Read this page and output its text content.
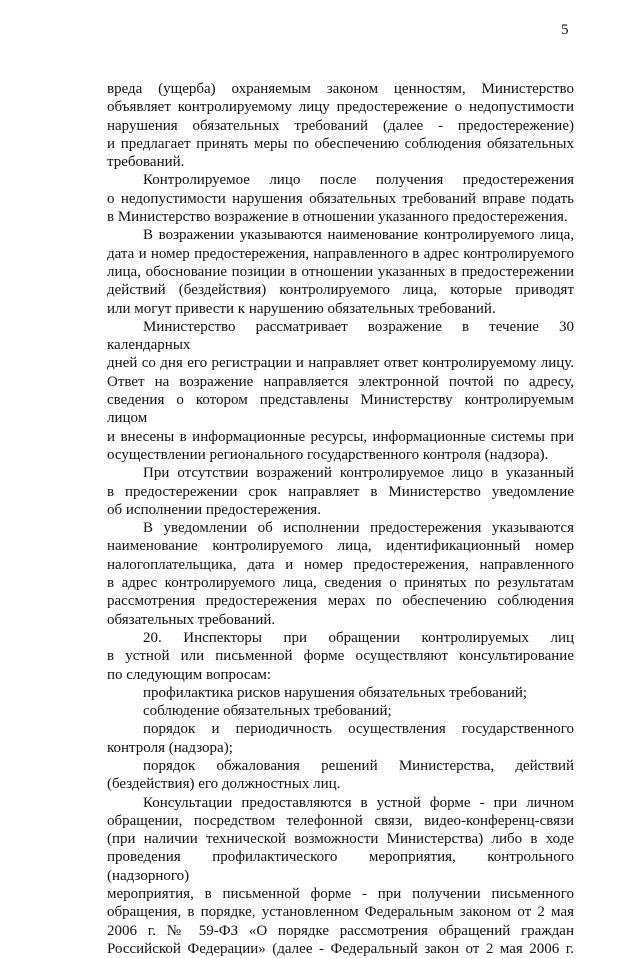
5

вреда (ущерба) охраняемым законом ценностям, Министерство

объявляет контролируемому лицу предостережение о недопустимости

нарушения обязательных требований (далее - предостережение)

и предлагает принять меры по обеспечению соблюдения обязательных

требований.

Контролируемое лицо после получения предостережения

о недопустимости нарушения обязательных требований вправе подать

в Министерство возражение в отношении указанного предостережения.

В возражении указываются наименование контролируемого лица,

дата и номер предостережения, направленного в адрес контролируемого

лица, обоснование позиции в отношении указанных в предостережении

действий (бездействия) контролируемого лица, которые приводят

или могут привести к нарушению обязательных требований.

Министерство рассматривает возражение в течение 30 календарных

дней со дня его регистрации и направляет ответ контролируемому лицу.

Ответ на возражение направляется электронной почтой по адресу,

сведения о котором представлены Министерству контролируемым лицом

и внесены в информационные ресурсы, информационные системы при

осуществлении регионального государственного контроля (надзора).

При отсутствии возражений контролируемое лицо в указанный

в предостережении срок направляет в Министерство уведомление

об исполнении предостережения.

В уведомлении об исполнении предостережения указываются

наименование контролируемого лица, идентификационный номер

налогоплательщика, дата и номер предостережения, направленного

в адрес контролируемого лица, сведения о принятых по результатам

рассмотрения предостережения мерах по обеспечению соблюдения

обязательных требований.

20. Инспекторы при обращении контролируемых лиц

в устной или письменной форме осуществляют консультирование

по следующим вопросам:

профилактика рисков нарушения обязательных требований;

соблюдение обязательных требований;

порядок и периодичность осуществления государственного

контроля (надзора);

порядок обжалования решений Министерства, действий

(бездействия) его должностных лиц.

Консультации предоставляются в устной форме - при личном

обращении, посредством телефонной связи, видео-конференц-связи

(при наличии технической возможности Министерства) либо в ходе

проведения профилактического мероприятия, контрольного (надзорного)

мероприятия, в письменной форме - при получении письменного

обращения, в порядке, установленном Федеральным законом от 2 мая

2006 г. № 59-ФЗ «О порядке рассмотрения обращений граждан

Российской Федерации» (далее - Федеральный закон от 2 мая 2006 г.
